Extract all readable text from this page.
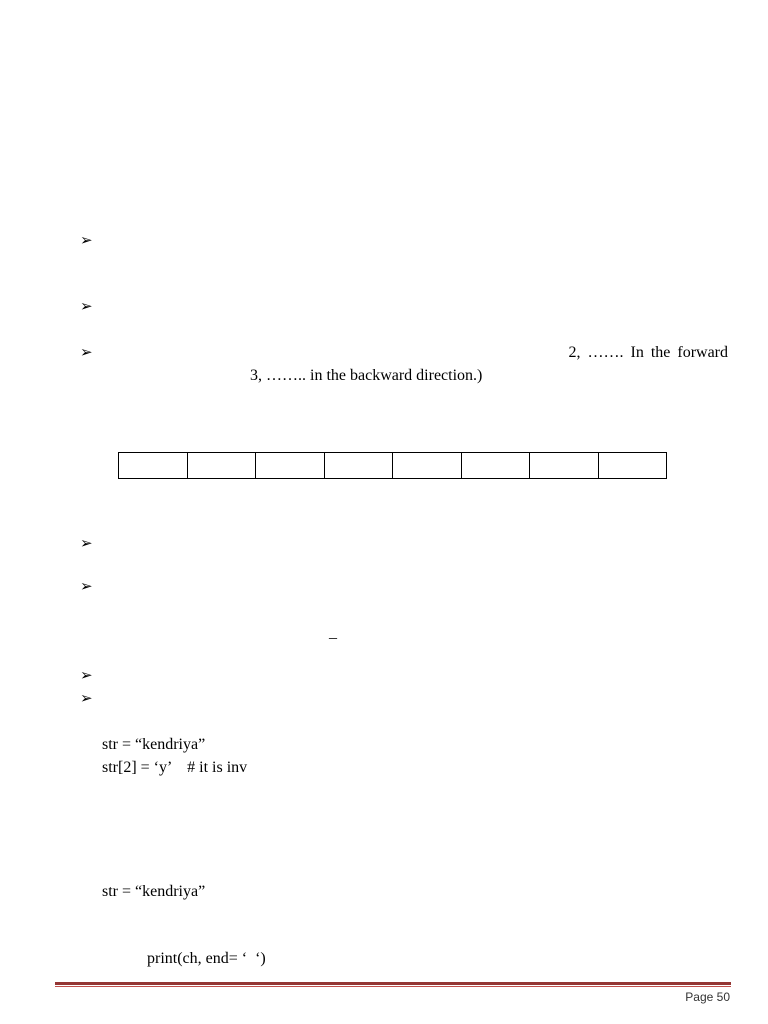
➢
➢
➢
➢
➢
➢
➢
2, ……. In the forward
3, …….. in the backward direction.)

_
str = “kendriya”
str[2] = ‘y’    # it is inv
str = “kendriya”
print(ch, end= ‘  ‘)
Page 50
